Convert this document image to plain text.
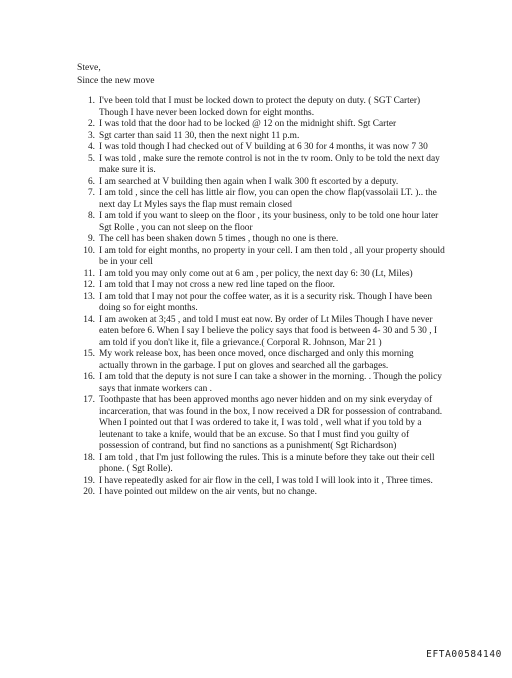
Steve,
Since the new move
1. I've been told that I must be locked down to protect the deputy on duty. ( SGT Carter) Though I have never been locked down for eight months.
2. I was told that the door had to be locked @ 12 on the midnight shift. Sgt Carter
3. Sgt carter than said 11 30, then the next night 11 p.m.
4. I was told though I had checked out of V building at 6 30 for 4 months, it was now 7 30
5. I was told , make sure the remote control is not in the tv room. Only to be told the next day make sure it is.
6. I am searched at V building then again when I walk 300 ft escorted by a deputy.
7. I am told , since the cell has little air flow, you can open the chow flap(vassolaii LT. ).. the next day Lt Myles says the flap must remain closed
8. I am told if you want to sleep on the floor , its your business, only to be told one hour later Sgt Rolle , you can not sleep on the floor
9. The cell has been shaken down 5 times , though no one is there.
10. I am told for eight months, no property in your cell. I am then told , all your property should be in your cell
11. I am told you may only come out at 6 am , per policy, the next day 6: 30 (Lt, Miles)
12. I am told that I may not cross a new red line taped on the floor.
13. I am told that I may not pour the coffee water, as it is a security risk. Though I have been doing so for eight months.
14. I am awoken at 3;45 , and told I must eat now. By order of Lt Miles Though I have never eaten before 6. When I say I believe the policy says that food is between 4- 30 and 5 30 , I am told if you don't like it, file a grievance.( Corporal R. Johnson, Mar 21 )
15. My work release box, has been once moved, once discharged and only this morning actually thrown in the garbage. I put on gloves and searched all the garbages.
16. I am told that the deputy is not sure I can take a shower in the morning. . Though the policy says that inmate workers can .
17. Toothpaste that has been approved months ago never hidden and on my sink everyday of incarceration, that was found in the box, I now received a DR for possession of contraband. When I pointed out that I was ordered to take it, I was told , well what if you told by a leutenant to take a knife, would that be an excuse. So that I must find you guilty of possession of contrand, but find no sanctions as a punishment( Sgt Richardson)
18. I am told , that I'm just following the rules. This is a minute before they take out their cell phone. ( Sgt Rolle).
19. I have repeatedly asked for air flow in the cell, I was told I will look into it , Three times.
20. I have pointed out mildew on the air vents, but no change.
EFTA00584140
